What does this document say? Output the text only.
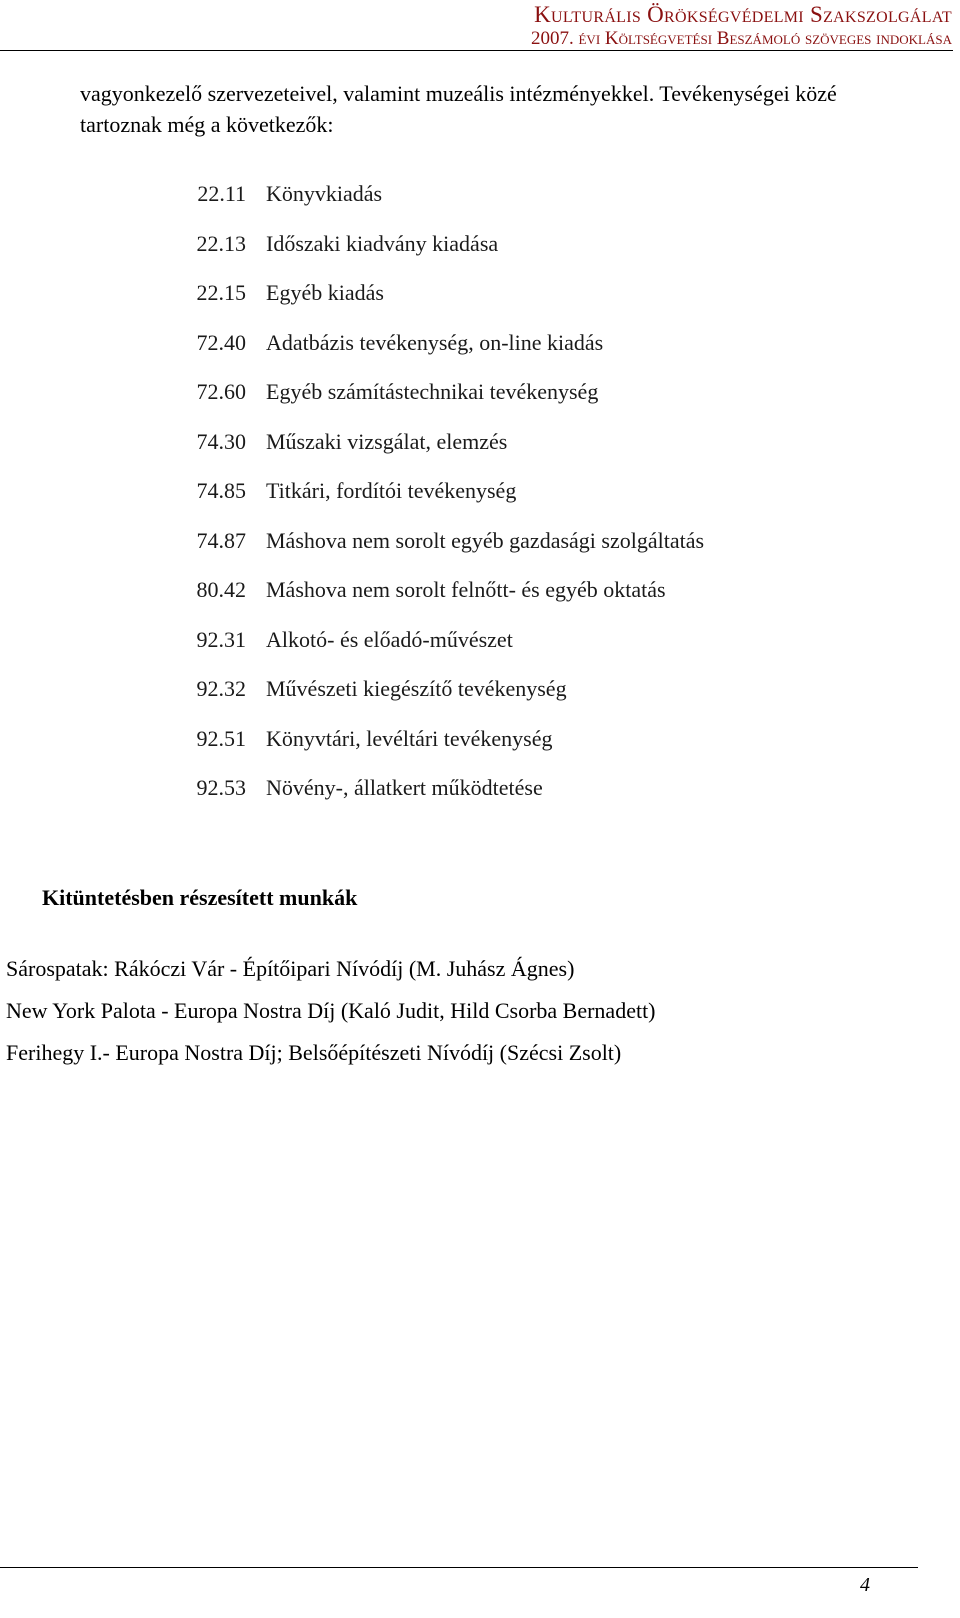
Kulturális Örökségvédelmi Szakszolgálat
2007. évi Költségvetési Beszámoló szöveges indoklása

vagyonkezelő szervezeteivel, valamint muzeális intézményekkel. Tevékenységei közé

tartoznak még a következők:

22.11 Könyvkiadás
22.13 Időszaki kiadvány kiadása
22.15 Egyéb kiadás
72.40 Adatbázis tevékenység, on-line kiadás
72.60 Egyéb számítástechnikai tevékenység
74.30 Műszaki vizsgálat, elemzés
74.85 Titkári, fordítói tevékenység
74.87 Máshova nem sorolt egyéb gazdasági szolgáltatás
80.42 Máshova nem sorolt felnőtt- és egyéb oktatás
92.31 Alkotó- és előadó-művészet
92.32 Művészeti kiegészítő tevékenység
92.51 Könyvtári, levéltári tevékenység
92.53 Növény-, állatkert működtetése
Kitüntetésben részesített munkák
Sárospatak: Rákóczi Vár - Építőipari Nívódíj (M. Juhász Ágnes)
New York Palota - Europa Nostra Díj (Kaló Judit, Hild Csorba Bernadett)
Ferihegy I.- Europa Nostra Díj; Belsőépítészeti Nívódíj (Szécsi Zsolt)
4
